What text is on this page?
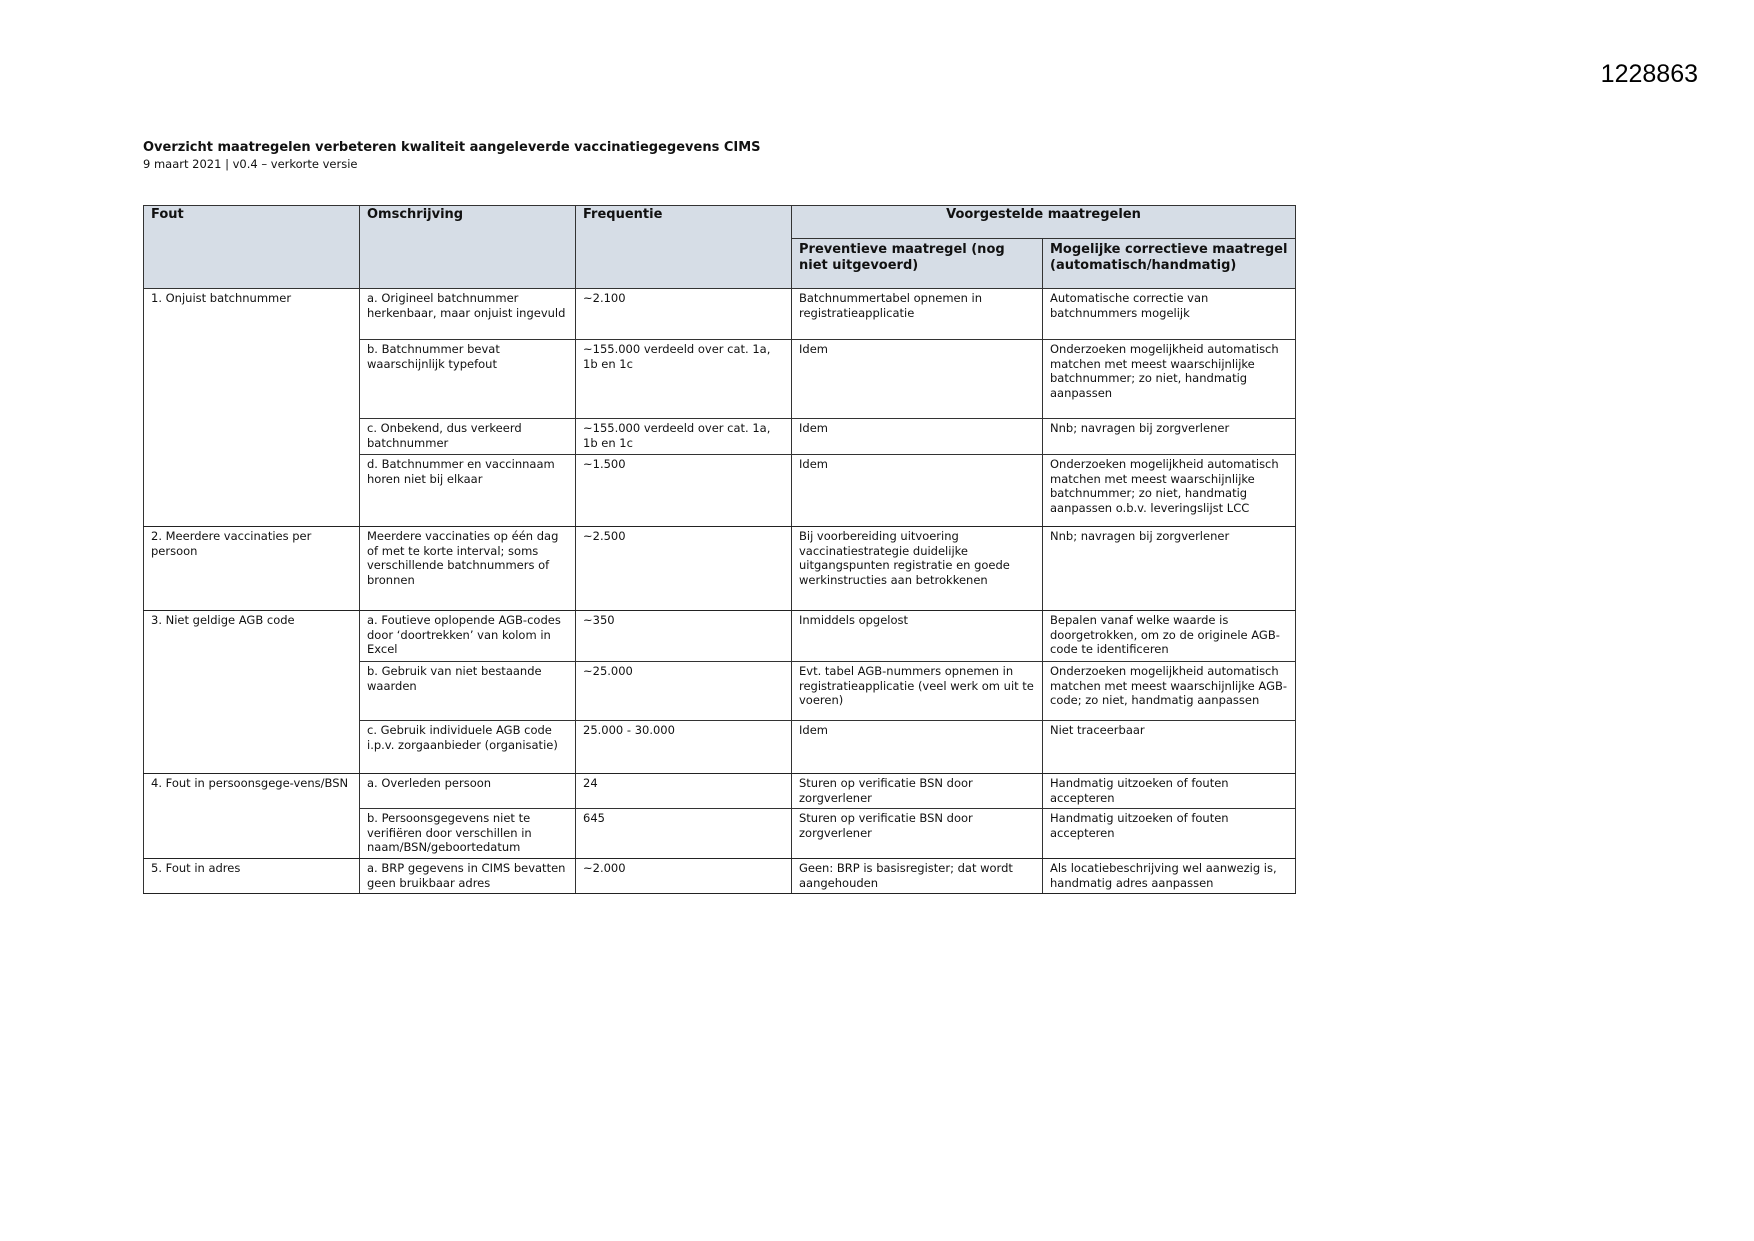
1228863

Overzicht maatregelen verbeteren kwaliteit aangeleverde vaccinatiegegevens CIMS

9 maart 2021 | v0.4 – verkorte versie

Fout	Omschrijving	Frequentie	Voorgestelde maatregelen	
			Preventieve maatregel (nog niet uitgevoerd)	Mogelijke correctieve maatregel (automatisch/handmatig)
1. Onjuist batchnummer	a. Origineel batchnummer herkenbaar, maar onjuist ingevuld	~2.100	Batchnummertabel opnemen in registratieapplicatie	Automatische correctie van batchnummers mogelijk
	b. Batchnummer bevat waarschijnlijk typefout	~155.000 verdeeld over cat. 1a, 1b en 1c	Idem	Onderzoeken mogelijkheid automatisch matchen met meest waarschijnlijke batchnummer; zo niet, handmatig aanpassen
	c. Onbekend, dus verkeerd batchnummer	~155.000 verdeeld over cat. 1a, 1b en 1c	Idem	Nnb; navragen bij zorgverlener
	d. Batchnummer en vaccinnaam horen niet bij elkaar	~1.500	Idem	Onderzoeken mogelijkheid automatisch matchen met meest waarschijnlijke batchnummer; zo niet, handmatig aanpassen o.b.v. leveringslijst LCC
2. Meerdere vaccinaties per persoon	Meerdere vaccinaties op één dag of met te korte interval; soms verschillende batchnummers of bronnen	~2.500	Bij voorbereiding uitvoering vaccinatiestrategie duidelijke uitgangspunten registratie en goede werkinstructies aan betrokkenen	Nnb; navragen bij zorgverlener
3. Niet geldige AGB code	a. Foutieve oplopende AGB-codes door ‘doortrekken’ van kolom in Excel	~350	Inmiddels opgelost	Bepalen vanaf welke waarde is doorgetrokken, om zo de originele AGB-code te identificeren
	b. Gebruik van niet bestaande waarden	~25.000	Evt. tabel AGB-nummers opnemen in registratieapplicatie (veel werk om uit te voeren)	Onderzoeken mogelijkheid automatisch matchen met meest waarschijnlijke AGB-code; zo niet, handmatig aanpassen
	c. Gebruik individuele AGB code i.p.v. zorgaanbieder (organisatie)	25.000 - 30.000	Idem	Niet traceerbaar
4. Fout in persoonsgege-vens/BSN	a. Overleden persoon	24	Sturen op verificatie BSN door zorgverlener	Handmatig uitzoeken of fouten accepteren
	b. Persoonsgegevens niet te verifiëren door verschillen in naam/BSN/geboortedatum	645	Sturen op verificatie BSN door zorgverlener	Handmatig uitzoeken of fouten accepteren
5. Fout in adres	a. BRP gegevens in CIMS bevatten geen bruikbaar adres	~2.000	Geen: BRP is basisregister; dat wordt aangehouden	Als locatiebeschrijving wel aanwezig is, handmatig adres aanpassen
